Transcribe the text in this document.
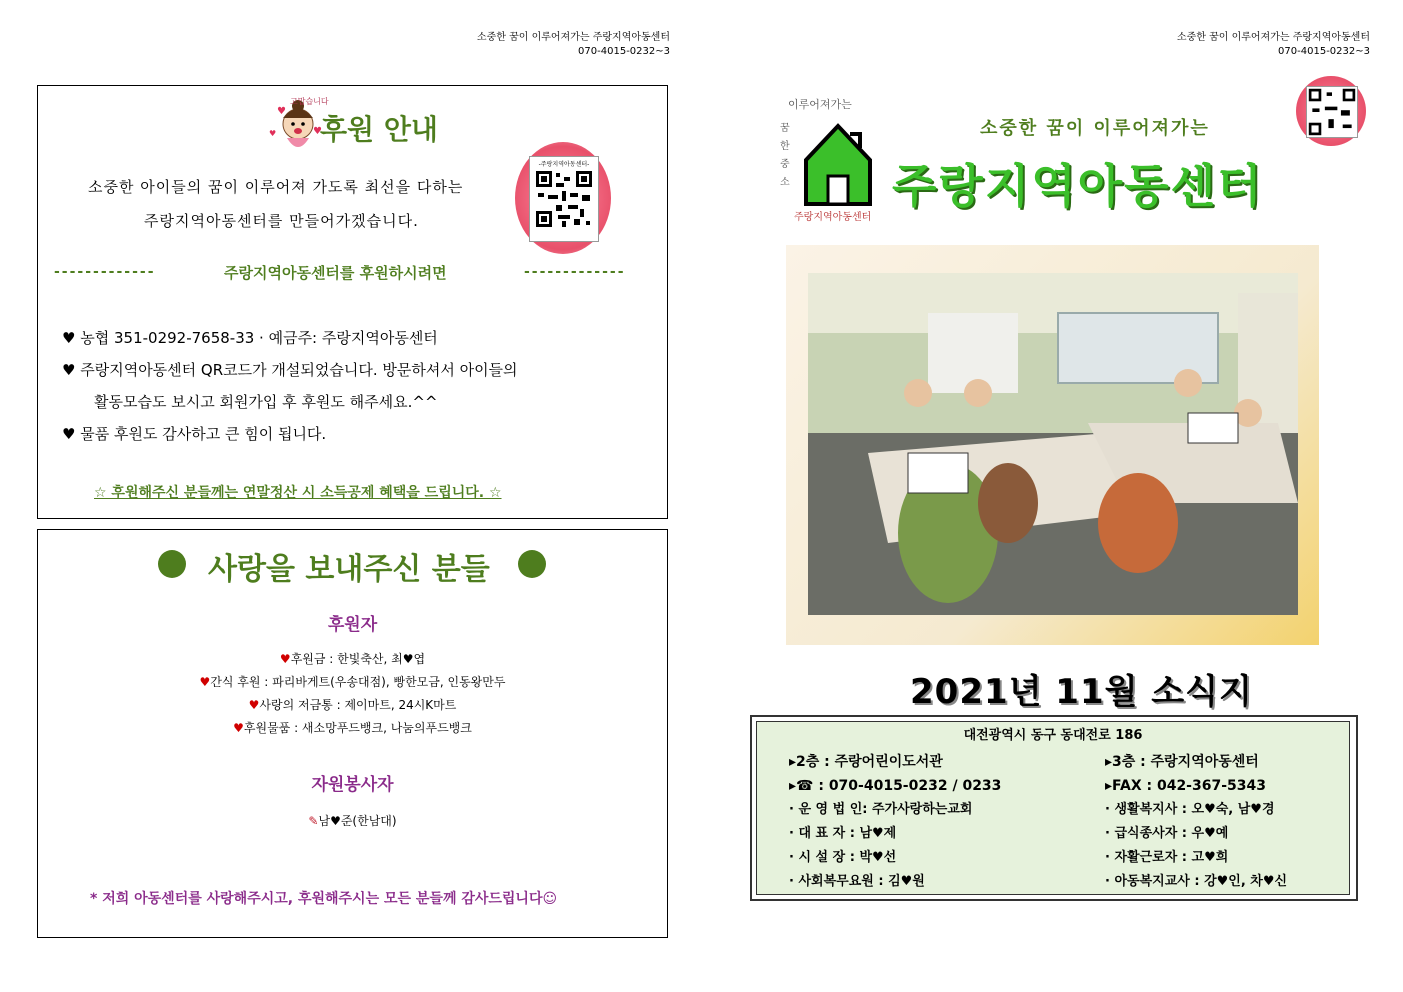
소중한 꿈이 이루어져가는 주랑지역아동센터
070-4015-0232~3
소중한 꿈이 이루어져가는 주랑지역아동센터
070-4015-0232~3
♥
♥
♥
고맙습니다
후원 안내
-주랑지역아동센터-
소중한 아이들의 꿈이 이루어져 가도록 최선을 다하는
주랑지역아동센터를 만들어가겠습니다.
-------------	주랑지역아동센터를 후원하시려면	-------------
♥ 농협 351-0292-7658-33 · 예금주: 주랑지역아동센터
♥ 주랑지역아동센터 QR코드가 개설되었습니다. 방문하셔서 아이들의
활동모습도 보시고 회원가입 후 후원도 해주세요.^^
♥ 물품 후원도 감사하고 큰 힘이 됩니다.
☆ 후원해주신 분들께는 연말정산 시 소득공제 혜택을 드립니다. ☆
사랑을 보내주신 분들
후원자
♥후원금 : 한빛축산, 최♥엽
♥간식 후원 : 파리바게트(우송대점), 빵한모금, 인동왕만두
♥사랑의 저금통 : 제이마트, 24시K마트
♥후원물품 : 새소망푸드뱅크, 나눔의푸드뱅크
자원봉사자
✎남♥준(한남대)
* 저희 아동센터를 사랑해주시고, 후원해주시는 모든 분들께 감사드립니다☺
이루어져가는
꿈한중소
주랑지역아동센터
소중한 꿈이 이루어져가는
주랑지역아동센터
2021년 11월 소식지
대전광역시 동구 동대전로 186
▸2층 : 주랑어린이도서관
▸☎ : 070-4015-0232 / 0233
· 운 영 법 인: 주가사랑하는교회
· 대 표 자 : 남♥제
· 시 설 장 : 박♥선
· 사회복무요원 : 김♥원
▸3층 : 주랑지역아동센터
▸FAX : 042-367-5343
· 생활복지사 : 오♥숙, 남♥경
· 급식종사자 : 우♥예
· 자활근로자 : 고♥희
· 아동복지교사 : 강♥인, 차♥신
